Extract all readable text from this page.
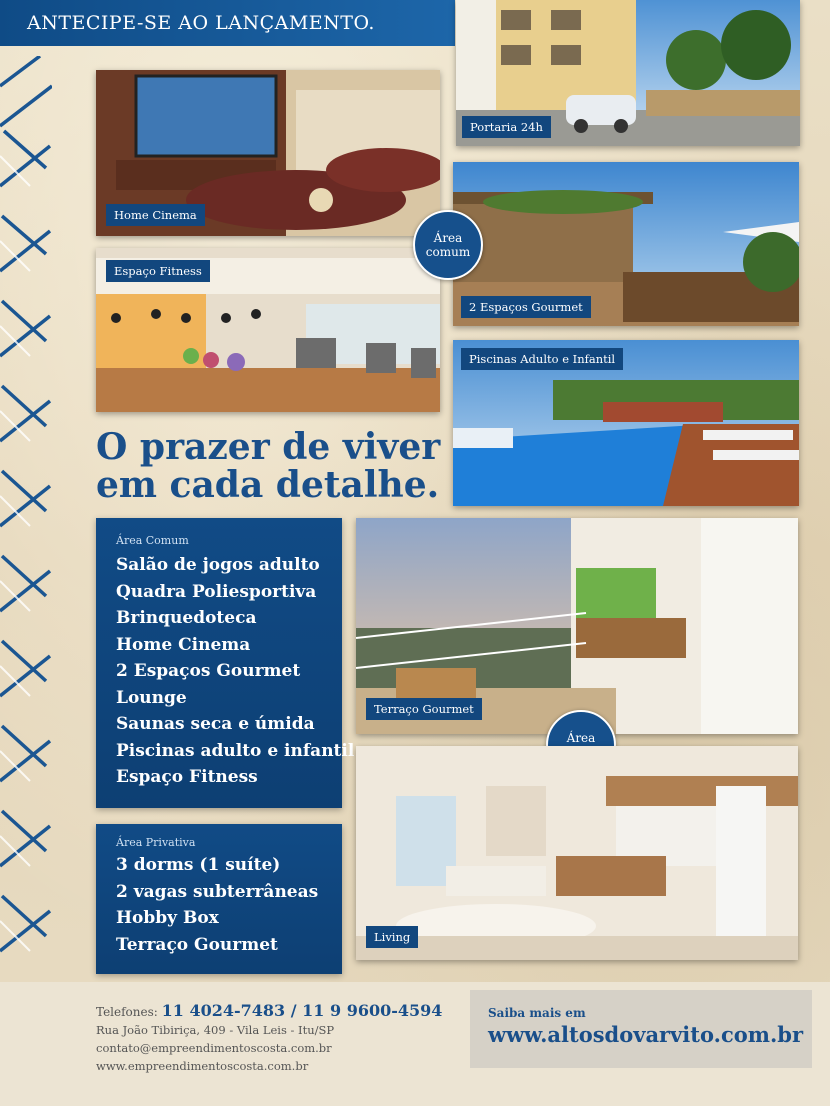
ANTECIPE-SE AO LANÇAMENTO.
Portaria 24h
Home Cinema
2 Espaços Gourmet
Espaço Fitness
Piscinas Adulto e Infantil
Área
comum
O prazer de viver
em cada detalhe.
Área Comum
Salão de jogos adulto
Quadra Poliesportiva
Brinquedoteca
Home Cinema
2 Espaços Gourmet
Lounge
Saunas seca e úmida
Piscinas adulto e infantil
Espaço Fitness
Área Privativa
3 dorms (1 suíte)
2 vagas subterrâneas
Hobby Box
Terraço Gourmet
Terraço Gourmet
Área

Living
Telefones: 11 4024-7483 / 11 9 9600-4594
Rua João Tibiriça, 409 - Vila Leis - Itu/SP
contato@empreendimentoscosta.com.br
www.empreendimentoscosta.com.br
Saiba mais em
www.altosdovarvito.com.br
